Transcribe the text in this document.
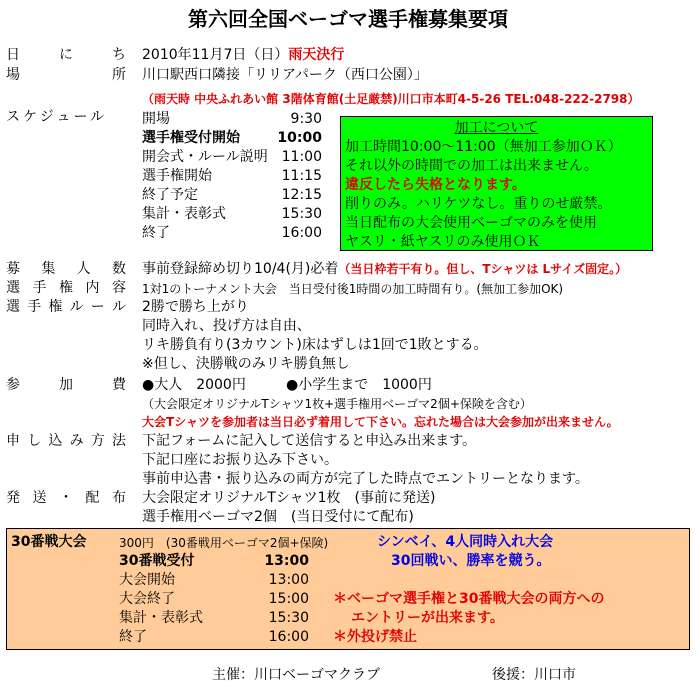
第六回全国ベーゴマ選手権募集要項
日	に	ち 2010年11月7日（日）雨天決行
場	所 川口駅西口隣接「リリアパーク（西口公園）」
（雨天時 中央ふれあい館 3階体育館(土足厳禁)川口市本町4-5-26 TEL:048-222-2798）
スケジュール 開場	9:30
選手権受付開始	10:00
開会式・ルール説明 11:00
選手権開始	11:15
終了予定	12:15
集計・表彰式	15:30
終了	16:00
加工について
加工時間10:00～11:00（無加工参加ＯＫ）
それ以外の時間での加工は出来ません。
違反したら失格となります。
削りのみ。ハリケツなし。重りのせ厳禁。
当日配布の大会使用ベーゴマのみを使用
ヤスリ・紙ヤスリのみ使用ＯＫ
募 集 人 数 事前登録締め切り10/4(月)必着（当日枠若干有り。但し、Tシャツは Lサイズ固定。）
選 手 権 内 容 1対1のトーナメント大会　当日受付後1時間の加工時間有り。(無加工参加OK)
選 手 権 ル ー ル 2勝で勝ち上がり
同時入れ、投げ方は自由、
リキ勝負有り(3カウント)床はずしは1回で1敗とする。
※但し、決勝戦のみリキ勝負無し
参	加	費 ●大人　2000円	●小学生まで　1000円
（大会限定オリジナルTシャツ1枚+選手権用ベーゴマ2個+保険を含む）
大会Tシャツを参加者は当日必ず着用して下さい。忘れた場合は大会参加が出来ません。
申 し 込 み 方 法 下記フォームに記入して送信すると申込み出来ます。
下記口座にお振り込み下さい。
事前申込書・振り込みの両方が完了した時点でエントリーとなります。
発 送 ・ 配 布 大会限定オリジナルTシャツ1枚　(事前に発送)
選手権用ベーゴマ2個　(当日受付にて配布)
30番戦大会	300円　(30番戦用ベーゴマ2個+保険)	シンベイ、4人同時入れ大会
30回戦い、勝率を競う。
30番戦受付	13:00
大会開始	13:00
大会終了	15:00
集計・表彰式	15:30
終了	16:00
＊ベーゴマ選手権と30番戦大会の両方への
エントリーが出来ます。
＊外投げ禁止
主催：川口ベーゴマクラブ	後援：川口市
